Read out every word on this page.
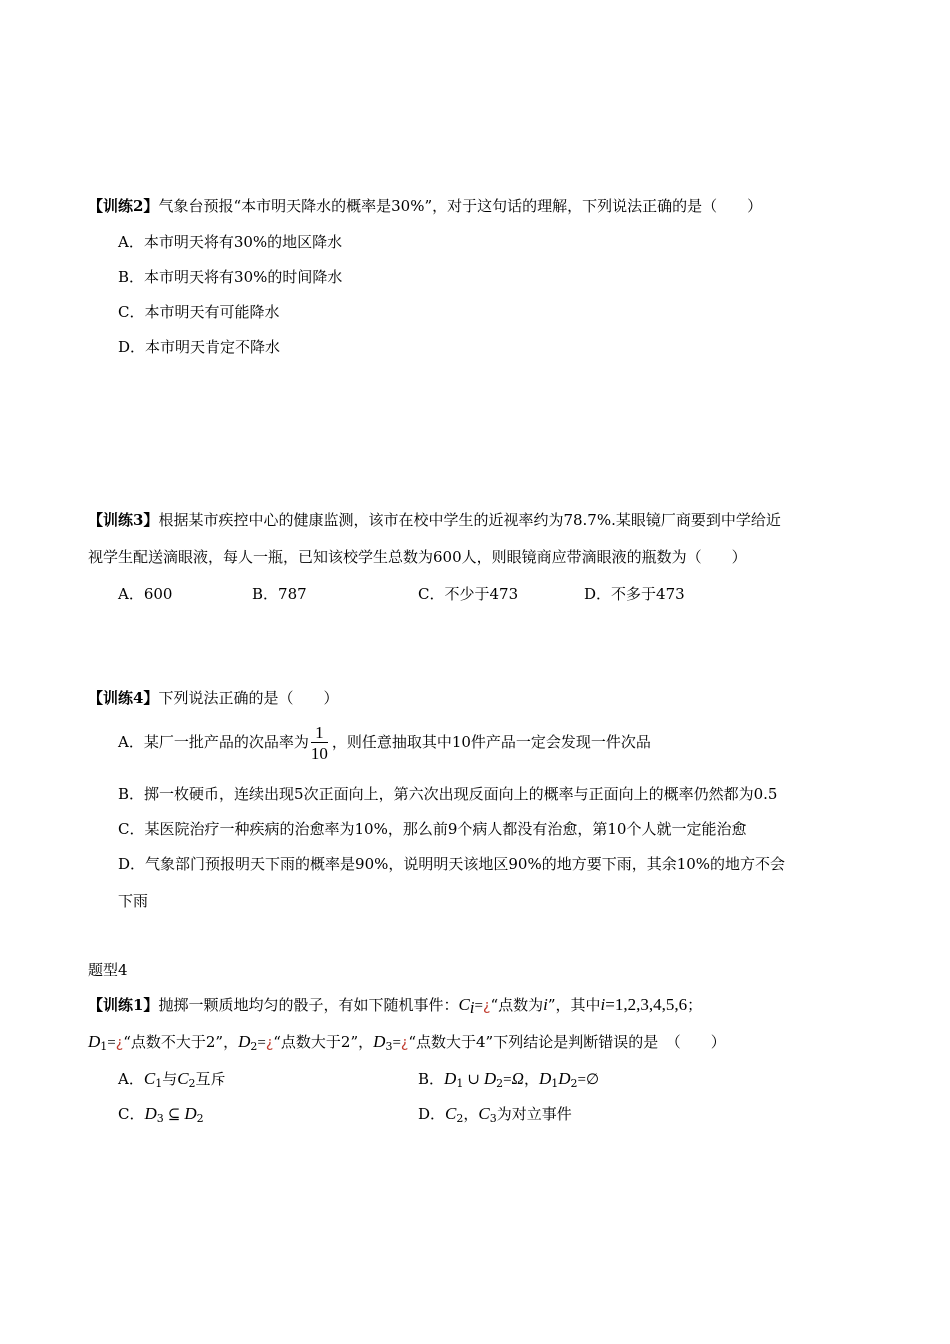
【训练2】气象台预报“本市明天降水的概率是30%”，对于这句话的理解，下列说法正确的是（　　）
A．本市明天将有30%的地区降水
B．本市明天将有30%的时间降水
C．本市明天有可能降水
D．本市明天肯定不降水
【训练3】根据某市疾控中心的健康监测，该市在校中学生的近视率约为78.7%.某眼镜厂商要到中学给近
视学生配送滴眼液，每人一瓶，已知该校学生总数为600人，则眼镜商应带滴眼液的瓶数为（　　）
A．600	B．787	C．不少于473	D．不多于473
【训练4】下列说法正确的是（　　）
A．某厂一批产品的次品率为 $\frac{1}{10}$ ，则任意抽取其中10件产品一定会发现一件次品
B．掷一枚硬币，连续出现5次正面向上，第六次出现反面向上的概率与正面向上的概率仍然都为0.5
C．某医院治疗一种疾病的治愈率为10%，那么前9个病人都没有治愈，第10个人就一定能治愈
D．气象部门预报明天下雨的概率是90%，说明明天该地区90%的地方要下雨，其余10%的地方不会
下雨
题型4
【训练1】抛掷一颗质地均匀的骰子，有如下随机事件：$C_i=¿“$点数为i”，其中i=1,2,3,4,5,6；
$D_1=¿“$点数不大于2”，$D_2=¿“$点数大于2”，$D_3=¿“$点数大于4”下列结论是判断错误的是　（　　）
A．$C_1$与$C_2$互斥	B．$D_1$ ∪ $D_2=\Omega$，$D_1D_2=\emptyset$
C．$D_3$ ⊆ $D_2$	D．$C_2$，$C_3$为对立事件
